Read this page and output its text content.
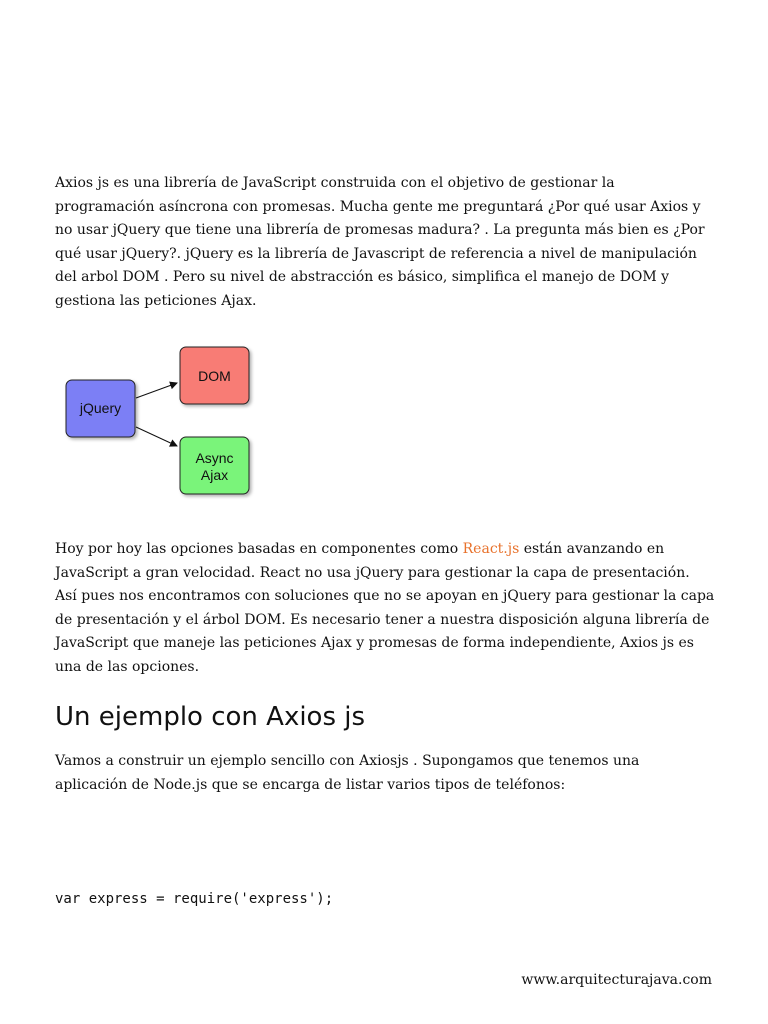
Axios js es una librería de JavaScript construida con el objetivo de gestionar la programación asíncrona con promesas. Mucha gente me preguntará ¿Por qué usar Axios y no usar jQuery que tiene una librería de promesas madura? . La pregunta más bien es ¿Por qué usar jQuery?. jQuery es la librería de Javascript de referencia a nivel de manipulación del arbol DOM . Pero su nivel de abstracción es básico, simplifica el manejo de DOM y gestiona las peticiones Ajax.

jQuery
DOM
Async
Ajax

Hoy por hoy las opciones basadas en componentes como React.js están avanzando en JavaScript a gran velocidad. React no usa jQuery para gestionar la capa de presentación. Así pues nos encontramos con soluciones que no se apoyan en jQuery para gestionar la capa de presentación y el árbol DOM. Es necesario tener a nuestra disposición alguna librería de JavaScript que maneje las peticiones Ajax y promesas de forma independiente, Axios js es una de las opciones.

Un ejemplo con Axios js

Vamos a construir un ejemplo sencillo con Axiosjs . Supongamos que tenemos una aplicación de Node.js que se encarga de listar varios tipos de teléfonos:

var express = require('express');
www.arquitecturajava.com
